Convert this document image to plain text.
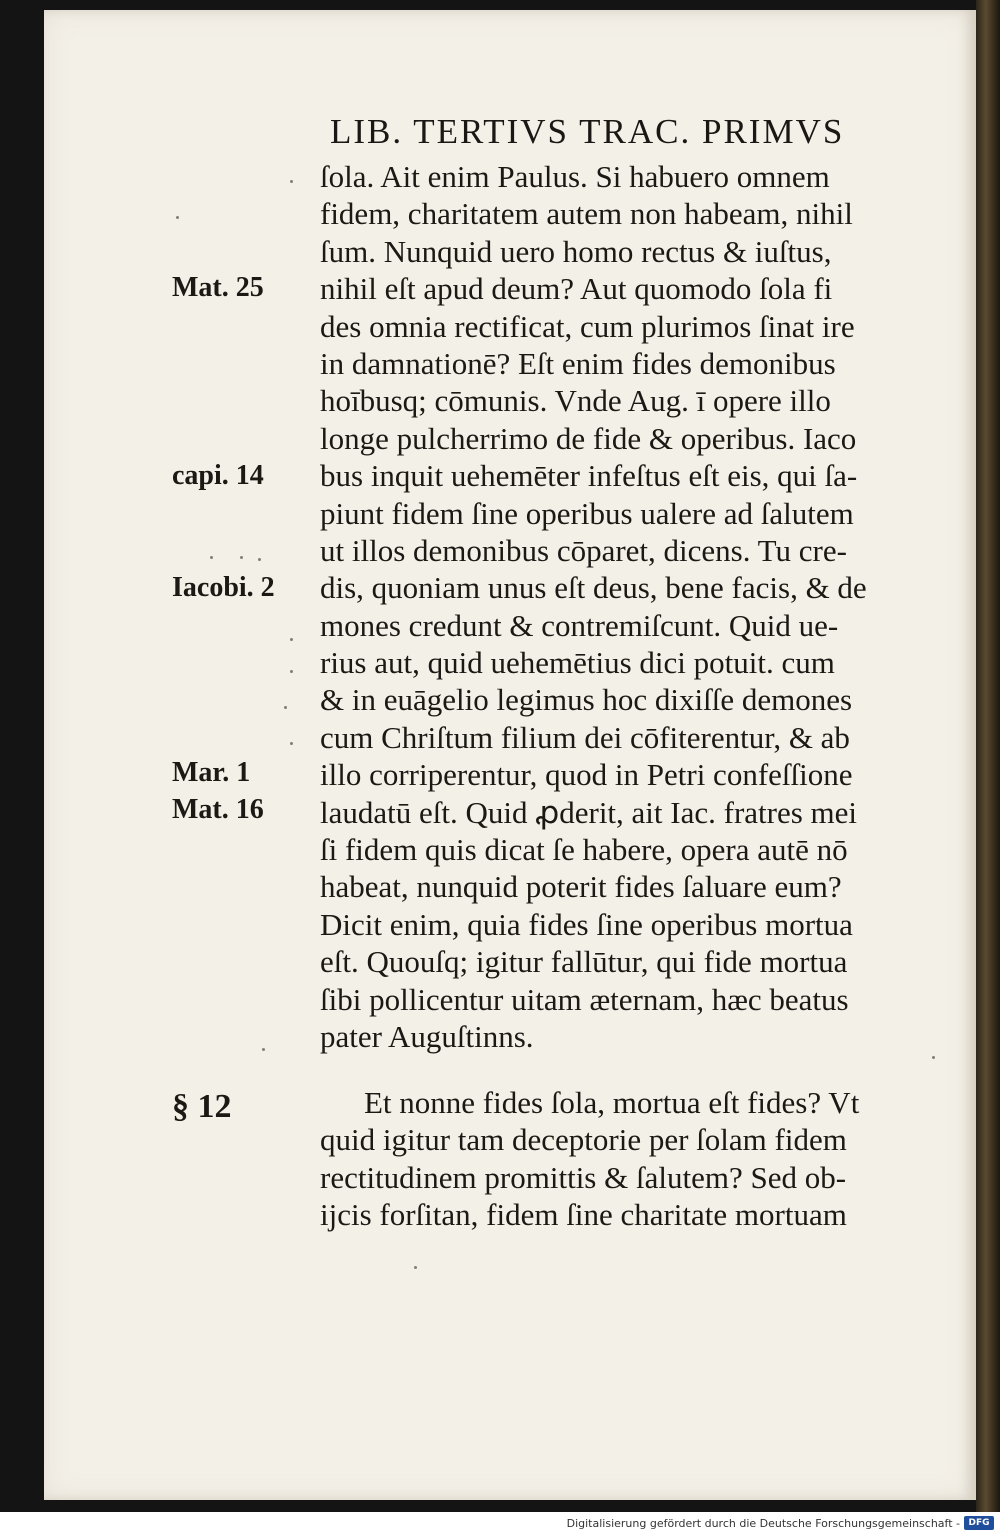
LIB. TERTIVS TRAC. PRIMVS
Mat. 25
capi. 14
Iacobi. 2
Mar. 1
Mat. 16
§ 12
ſola. Ait enim Paulus. Si habuero omnem
fidem, charitatem autem non habeam, nihil
ſum. Nunquid uero homo rectus & iuſtus,
nihil eſt apud deum? Aut quomodo ſola fi
des omnia rectificat, cum plurimos ſinat ire
in damnationē? Eſt enim fides demonibus
hoībusq; cōmunis. Vnde Aug. ī opere illo
longe pulcherrimo de fide & operibus. Iaco
bus inquit uehemēter infeſtus eſt eis, qui ſa-
piunt fidem ſine operibus ualere ad ſalutem
ut illos demonibus cōparet, dicens. Tu cre-
dis, quoniam unus eſt deus, bene facis, & de
mones credunt & contremiſcunt. Quid ue-
rius aut, quid uehemētius dici potuit. cum
& in euāgelio legimus hoc dixiſſe demones
cum Chriſtum filium dei cōfiterentur, & ab
illo corriperentur, quod in Petri confeſſione
laudatū eſt. Quid ꝓderit, ait Iac. fratres mei
ſi fidem quis dicat ſe habere, opera autē nō
habeat, nunquid poterit fides ſaluare eum?
Dicit enim, quia fides ſine operibus mortua
eſt. Quouſq; igitur fallūtur, qui fide mortua
ſibi pollicentur uitam æternam, hæc beatus
pater Auguſtinns.
Et nonne fides ſola, mortua eſt fides? Vt
quid igitur tam deceptorie per ſolam fidem
rectitudinem promittis & ſalutem? Sed ob-
ijcis forſitan, fidem ſine charitate mortuam
Digitalisierung gefördert durch die Deutsche Forschungsgemeinschaft - DFG
